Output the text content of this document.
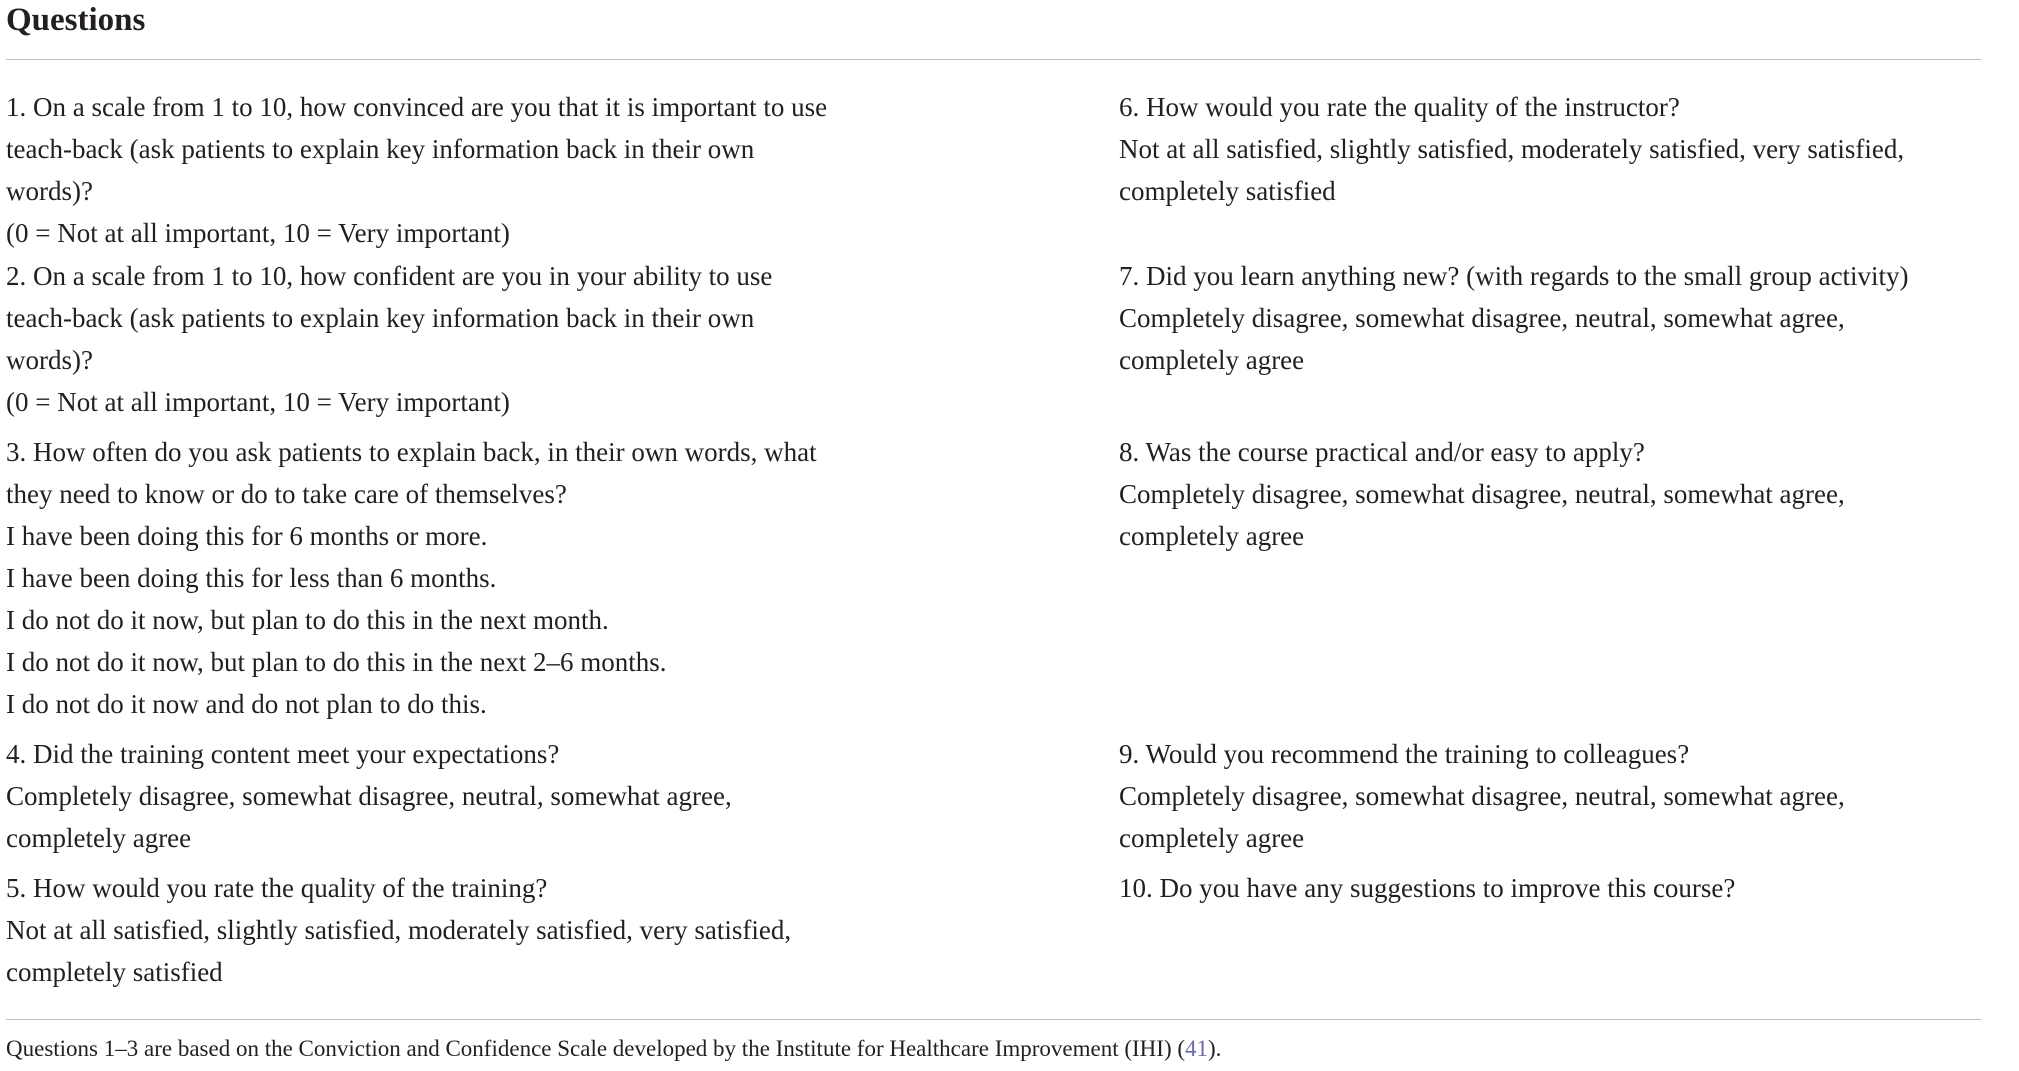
Questions
1. On a scale from 1 to 10, how convinced are you that it is important to use
teach-back (ask patients to explain key information back in their own
words)?
(0 = Not at all important, 10 = Very important)
6. How would you rate the quality of the instructor?
Not at all satisfied, slightly satisfied, moderately satisfied, very satisfied,
completely satisfied
2. On a scale from 1 to 10, how confident are you in your ability to use
teach-back (ask patients to explain key information back in their own
words)?
(0 = Not at all important, 10 = Very important)
7. Did you learn anything new? (with regards to the small group activity)
Completely disagree, somewhat disagree, neutral, somewhat agree,
completely agree
3. How often do you ask patients to explain back, in their own words, what
they need to know or do to take care of themselves?
I have been doing this for 6 months or more.
I have been doing this for less than 6 months.
I do not do it now, but plan to do this in the next month.
I do not do it now, but plan to do this in the next 2–6 months.
I do not do it now and do not plan to do this.
8. Was the course practical and/or easy to apply?
Completely disagree, somewhat disagree, neutral, somewhat agree,
completely agree
4. Did the training content meet your expectations?
Completely disagree, somewhat disagree, neutral, somewhat agree,
completely agree
9. Would you recommend the training to colleagues?
Completely disagree, somewhat disagree, neutral, somewhat agree,
completely agree
5. How would you rate the quality of the training?
Not at all satisfied, slightly satisfied, moderately satisfied, very satisfied,
completely satisfied
10. Do you have any suggestions to improve this course?
Questions 1–3 are based on the Conviction and Confidence Scale developed by the Institute for Healthcare Improvement (IHI) (41).
